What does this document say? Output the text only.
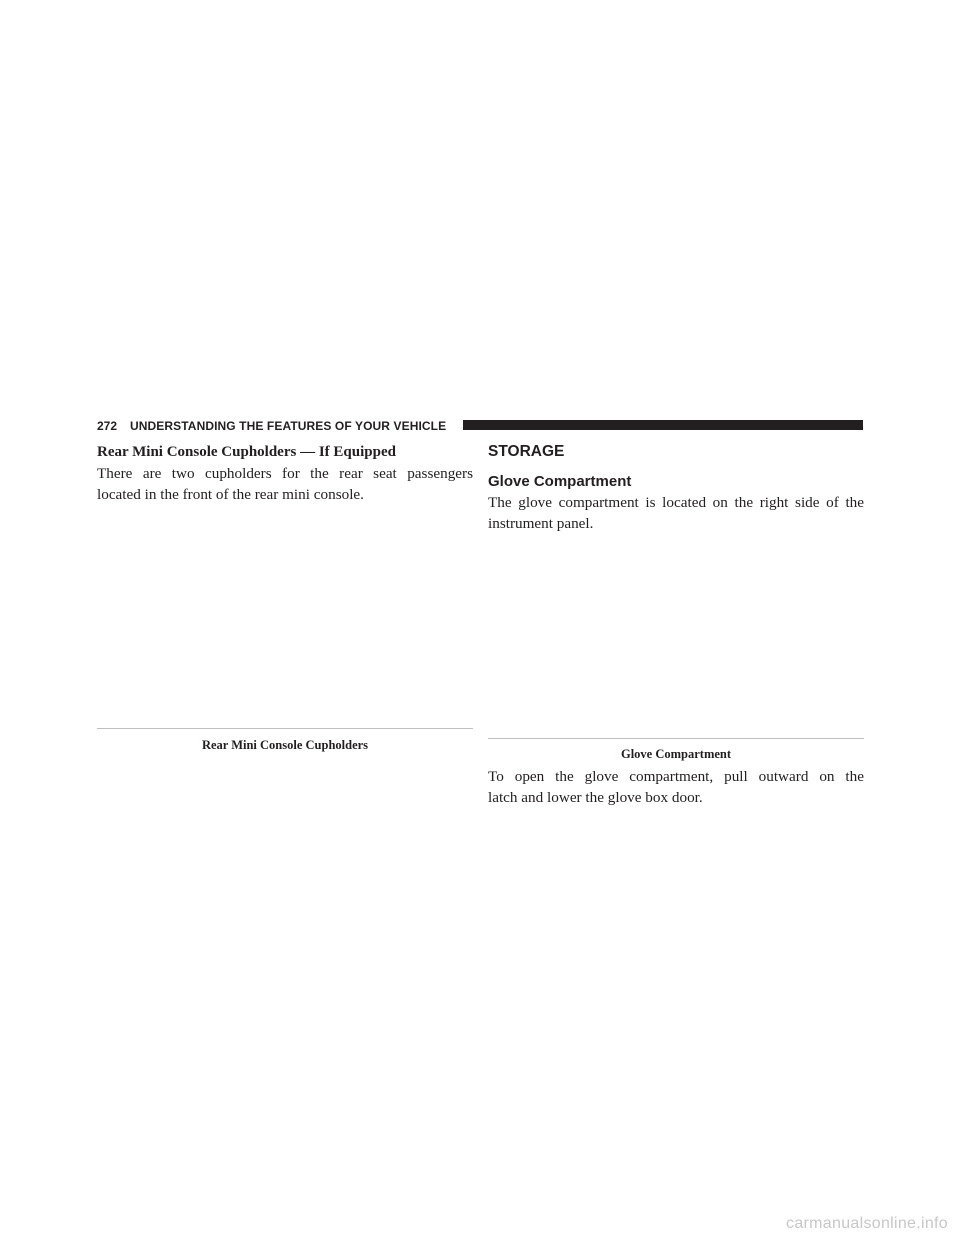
272 UNDERSTANDING THE FEATURES OF YOUR VEHICLE
Rear Mini Console Cupholders — If Equipped

There are two cupholders for the rear seat passengers
located in the front of the rear mini console.

Rear Mini Console Cupholders

STORAGE
Glove Compartment

The glove compartment is located on the right side of the
instrument panel.

Glove Compartment

To open the glove compartment, pull outward on the
latch and lower the glove box door.

carmanualsonline.info
